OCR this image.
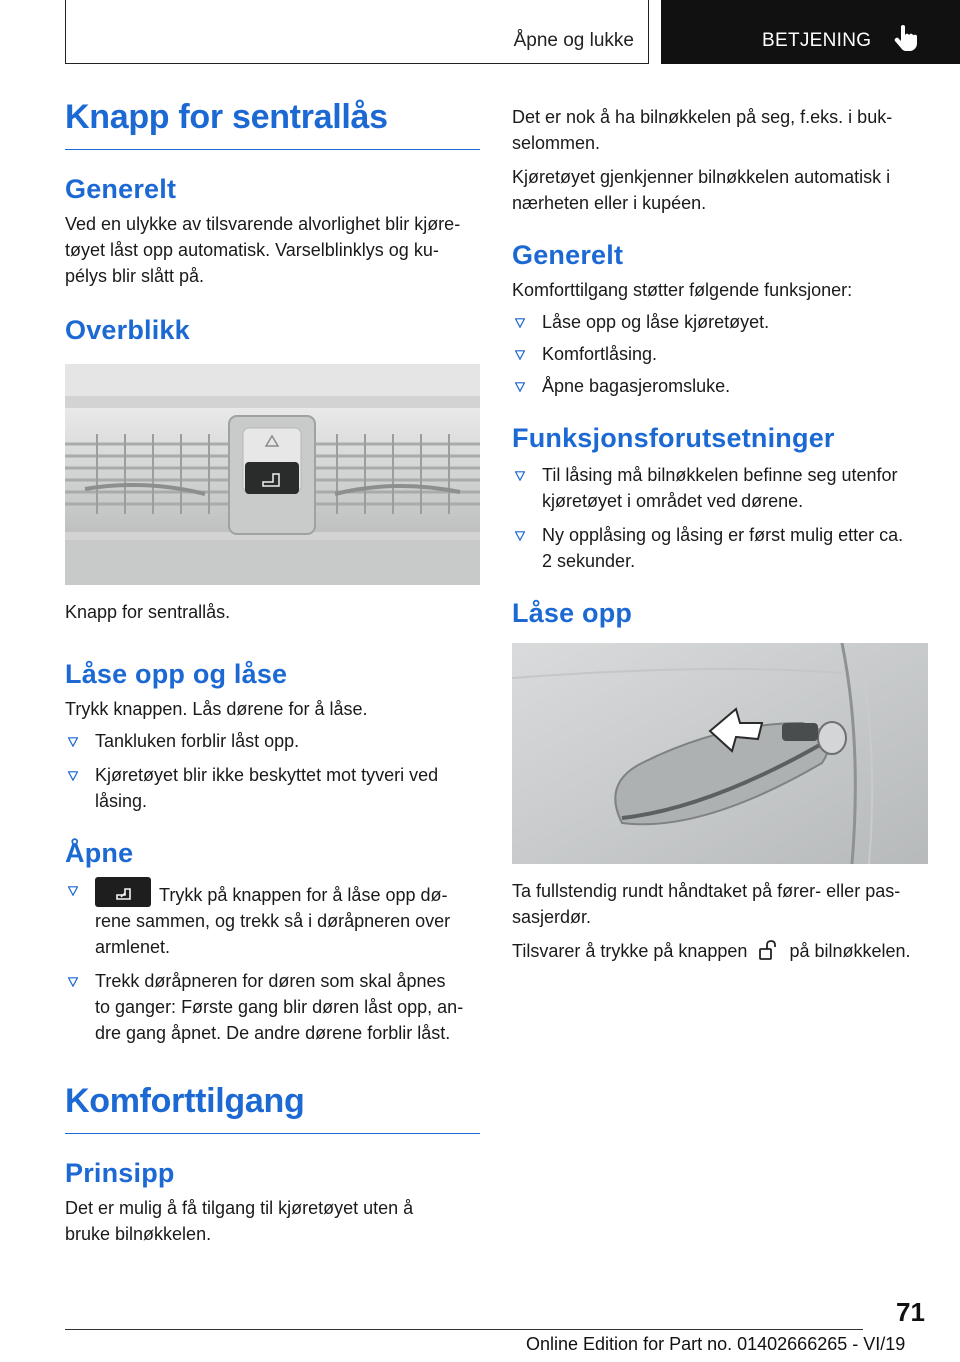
Åpne og lukke	BETJENING
Knapp for sentrallås
Generelt

Ved en ulykke av tilsvarende alvorlighet blir kjøre-
tøyet låst opp automatisk. Varselblinklys og ku-
pélys blir slått på.

Overblikk

Knapp for sentrallås.

Låse opp og låse

Trykk knappen. Lås dørene for å låse.

Tankluken forblir låst opp.
Kjøretøyet blir ikke beskyttet mot tyveri ved
låsing.
Åpne
Trykk på knappen for å låse opp dø-
rene sammen, og trekk så i døråpneren over
armlenet.
Trekk døråpneren for døren som skal åpnes
to ganger: Første gang blir døren låst opp, an-
dre gang åpnet. De andre dørene forblir låst.
Komforttilgang
Prinsipp

Det er mulig å få tilgang til kjøretøyet uten å
bruke bilnøkkelen.

Det er nok å ha bilnøkkelen på seg, f.eks. i buk-
selommen.

Kjøretøyet gjenkjenner bilnøkkelen automatisk i
nærheten eller i kupéen.

Generelt

Komforttilgang støtter følgende funksjoner:

Låse opp og låse kjøretøyet.
Komfortlåsing.
Åpne bagasjeromsluke.
Funksjonsforutsetninger
Til låsing må bilnøkkelen befinne seg utenfor
kjøretøyet i området ved dørene.
Ny opplåsing og låsing er først mulig etter ca.
2 sekunder.
Låse opp

Ta fullstendig rundt håndtaket på fører- eller pas-
sasjerdør.

Tilsvarer å trykke på knappen på bilnøkkelen.

71
Online Edition for Part no. 01402666265 - VI/19
